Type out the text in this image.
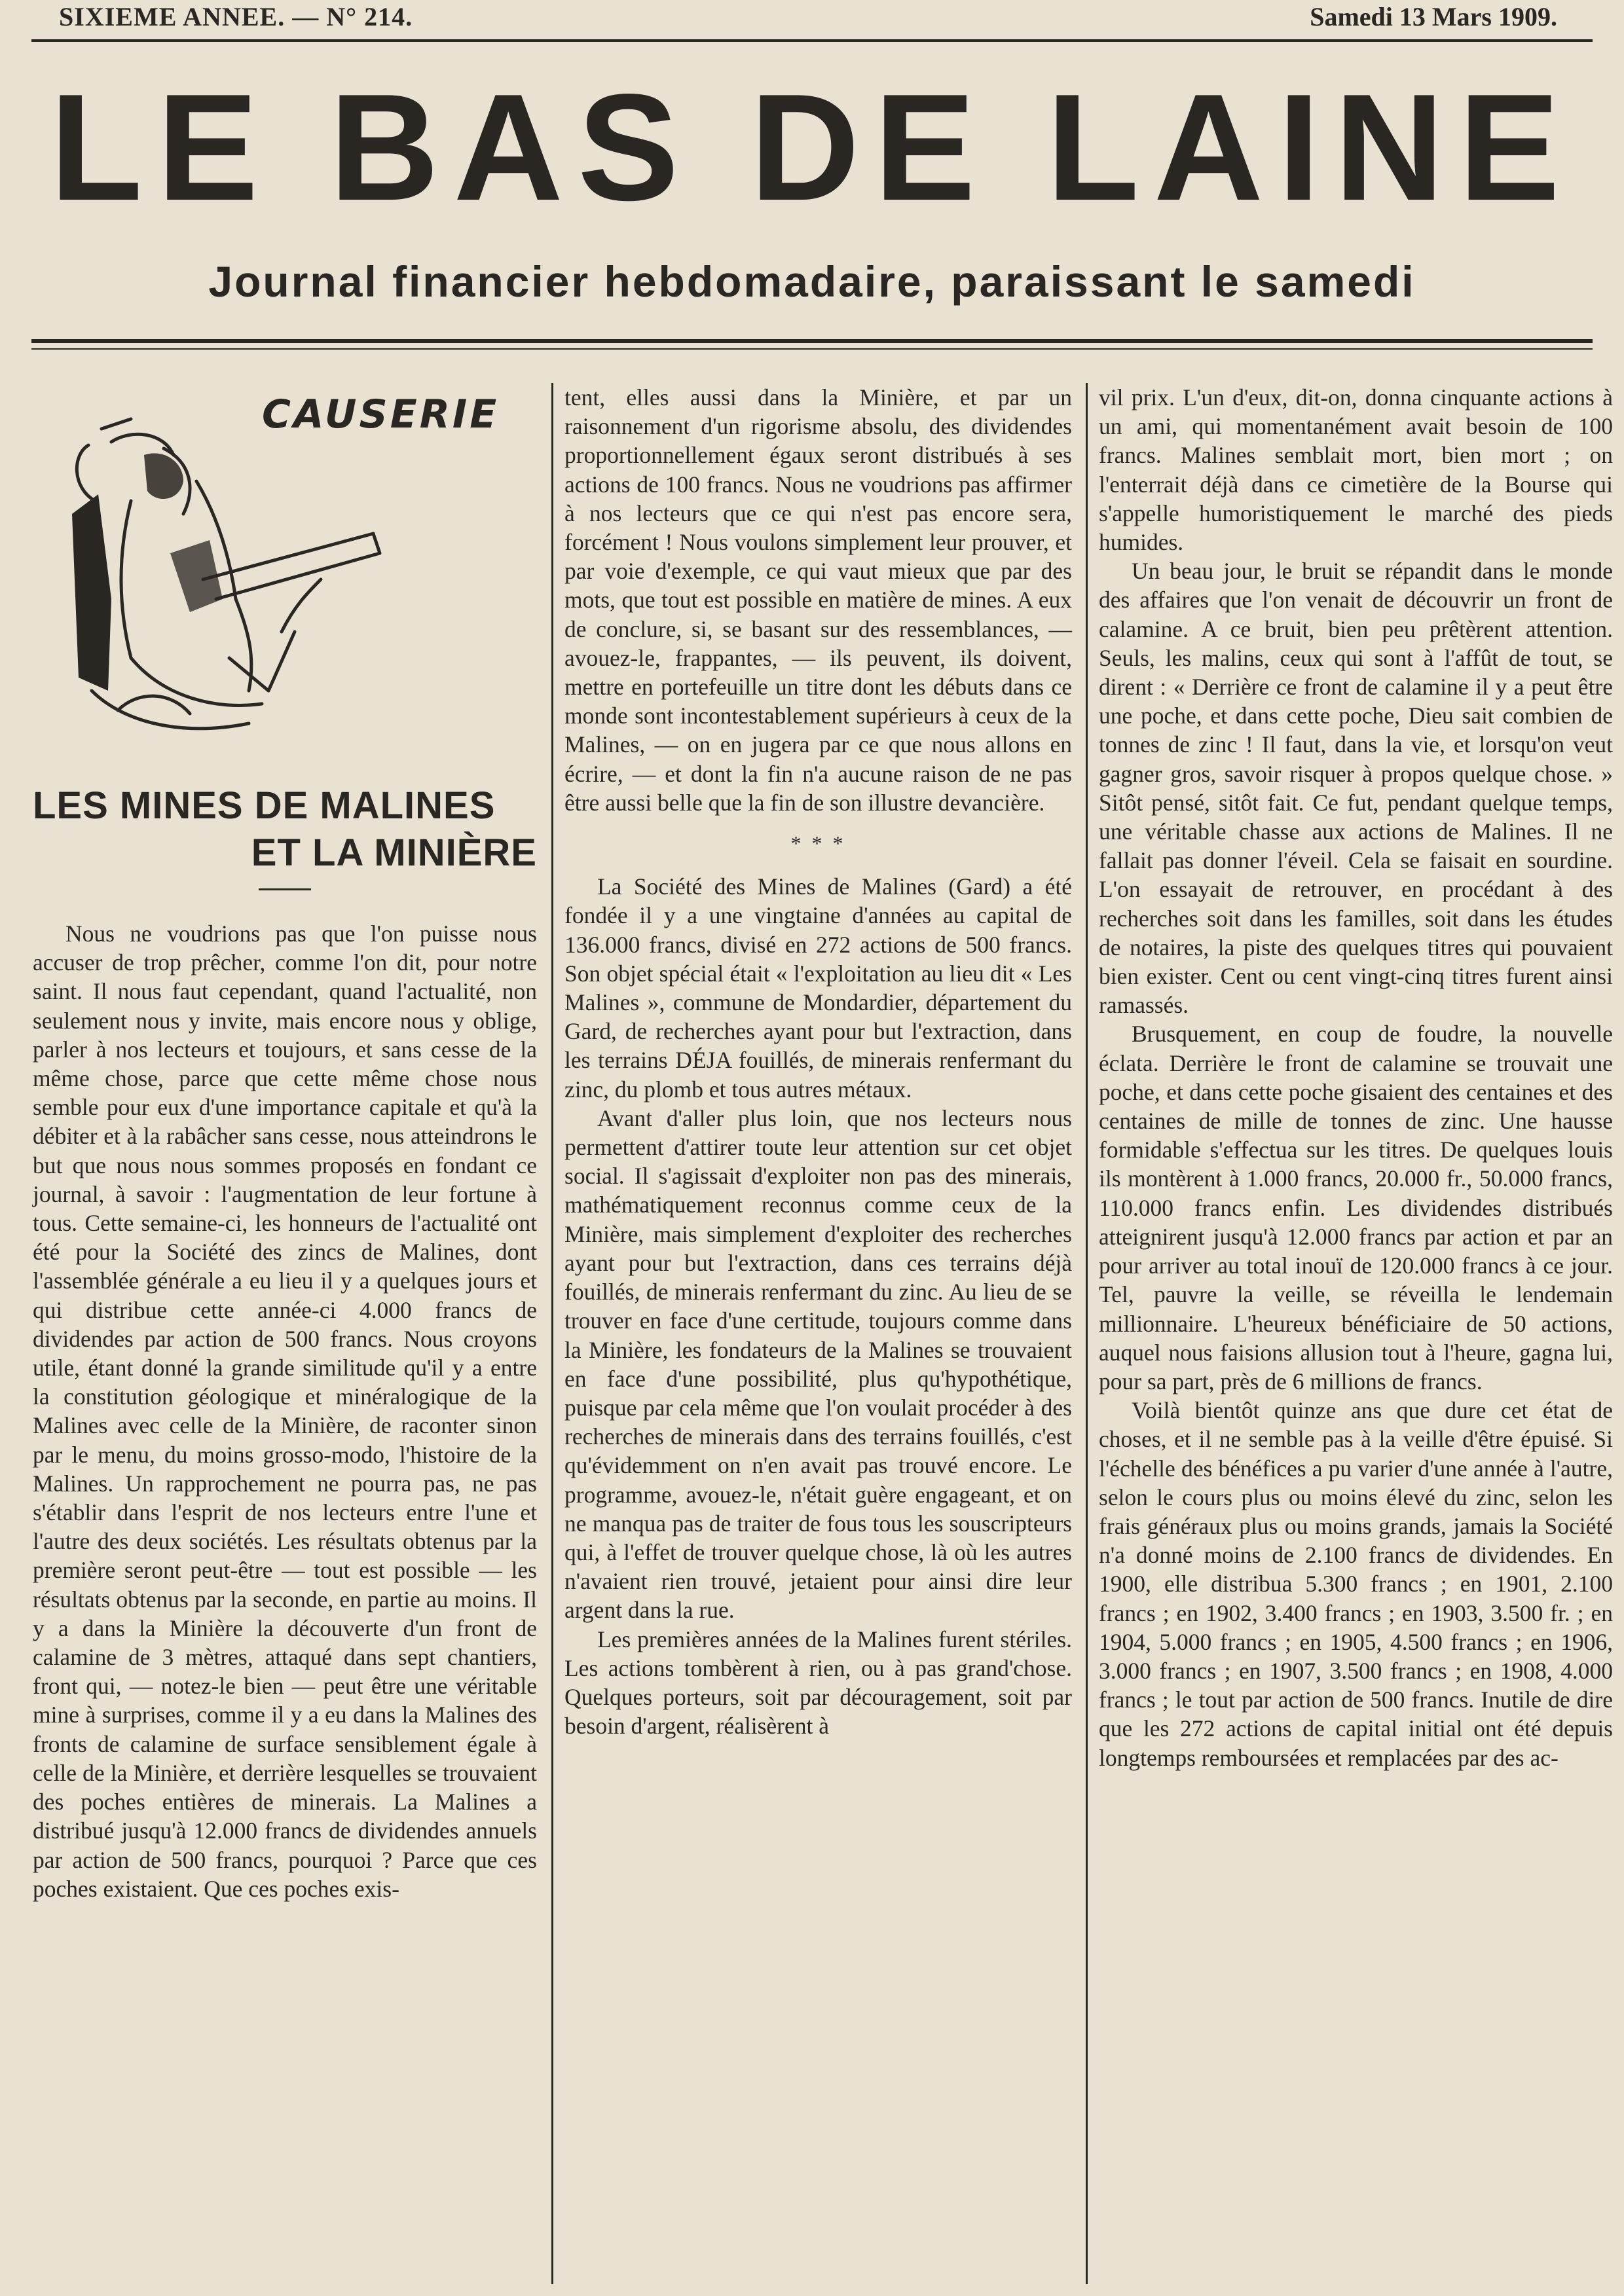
SIXIEME ANNEE. — N° 214.	Samedi 13 Mars 1909.
LE BAS DE LAINE
Journal financier hebdomadaire, paraissant le samedi
CAUSERIE
LES MINES DE MALINES
ET LA MINIÈRE

Nous ne voudrions pas que l'on puisse nous accuser de trop prêcher, comme l'on dit, pour notre saint. Il nous faut cependant, quand l'actualité, non seulement nous y invite, mais encore nous y oblige, parler à nos lecteurs et toujours, et sans cesse de la même chose, parce que cette même chose nous semble pour eux d'une importance capitale et qu'à la débiter et à la rabâcher sans cesse, nous atteindrons le but que nous nous sommes proposés en fondant ce journal, à savoir : l'augmentation de leur fortune à tous. Cette semaine-ci, les honneurs de l'actualité ont été pour la Société des zincs de Malines, dont l'assemblée générale a eu lieu il y a quelques jours et qui distribue cette année-ci 4.000 francs de dividendes par action de 500 francs. Nous croyons utile, étant donné la grande similitude qu'il y a entre la constitution géologique et minéralogique de la Malines avec celle de la Minière, de raconter sinon par le menu, du moins grosso-modo, l'histoire de la Malines. Un rapprochement ne pourra pas, ne pas s'établir dans l'esprit de nos lecteurs entre l'une et l'autre des deux sociétés. Les résultats obtenus par la première seront peut-être — tout est possible — les résultats obtenus par la seconde, en partie au moins. Il y a dans la Minière la découverte d'un front de calamine de 3 mètres, attaqué dans sept chantiers, front qui, — notez-le bien — peut être une véritable mine à surprises, comme il y a eu dans la Malines des fronts de calamine de surface sensiblement égale à celle de la Minière, et derrière lesquelles se trouvaient des poches entières de minerais. La Malines a distribué jusqu'à 12.000 francs de dividendes annuels par action de 500 francs, pourquoi ? Parce que ces poches existaient. Que ces poches exis-

tent, elles aussi dans la Minière, et par un raisonnement d'un rigorisme absolu, des dividendes proportionnellement égaux seront distribués à ses actions de 100 francs. Nous ne voudrions pas affirmer à nos lecteurs que ce qui n'est pas encore sera, forcément ! Nous voulons simplement leur prouver, et par voie d'exemple, ce qui vaut mieux que par des mots, que tout est possible en matière de mines. A eux de conclure, si, se basant sur des ressemblances, — avouez-le, frappantes, — ils peuvent, ils doivent, mettre en portefeuille un titre dont les débuts dans ce monde sont incontestablement supérieurs à ceux de la Malines, — on en jugera par ce que nous allons en écrire, — et dont la fin n'a aucune raison de ne pas être aussi belle que la fin de son illustre devancière.

* * *

La Société des Mines de Malines (Gard) a été fondée il y a une vingtaine d'années au capital de 136.000 francs, divisé en 272 actions de 500 francs. Son objet spécial était « l'exploitation au lieu dit « Les Malines », commune de Mondardier, département du Gard, de recherches ayant pour but l'extraction, dans les terrains DÉJA fouillés, de minerais renfermant du zinc, du plomb et tous autres métaux.

Avant d'aller plus loin, que nos lecteurs nous permettent d'attirer toute leur attention sur cet objet social. Il s'agissait d'exploiter non pas des minerais, mathématiquement reconnus comme ceux de la Minière, mais simplement d'exploiter des recherches ayant pour but l'extraction, dans ces terrains déjà fouillés, de minerais renfermant du zinc. Au lieu de se trouver en face d'une certitude, toujours comme dans la Minière, les fondateurs de la Malines se trouvaient en face d'une possibilité, plus qu'hypothétique, puisque par cela même que l'on voulait procéder à des recherches de minerais dans des terrains fouillés, c'est qu'évidemment on n'en avait pas trouvé encore. Le programme, avouez-le, n'était guère engageant, et on ne manqua pas de traiter de fous tous les souscripteurs qui, à l'effet de trouver quelque chose, là où les autres n'avaient rien trouvé, jetaient pour ainsi dire leur argent dans la rue.

Les premières années de la Malines furent stériles. Les actions tombèrent à rien, ou à pas grand'chose. Quelques porteurs, soit par découragement, soit par besoin d'argent, réalisèrent à

vil prix. L'un d'eux, dit-on, donna cinquante actions à un ami, qui momentanément avait besoin de 100 francs. Malines semblait mort, bien mort ; on l'enterrait déjà dans ce cimetière de la Bourse qui s'appelle humoristiquement le marché des pieds humides.

Un beau jour, le bruit se répandit dans le monde des affaires que l'on venait de découvrir un front de calamine. A ce bruit, bien peu prêtèrent attention. Seuls, les malins, ceux qui sont à l'affût de tout, se dirent : « Derrière ce front de calamine il y a peut être une poche, et dans cette poche, Dieu sait combien de tonnes de zinc ! Il faut, dans la vie, et lorsqu'on veut gagner gros, savoir risquer à propos quelque chose. » Sitôt pensé, sitôt fait. Ce fut, pendant quelque temps, une véritable chasse aux actions de Malines. Il ne fallait pas donner l'éveil. Cela se faisait en sourdine. L'on essayait de retrouver, en procédant à des recherches soit dans les familles, soit dans les études de notaires, la piste des quelques titres qui pouvaient bien exister. Cent ou cent vingt-cinq titres furent ainsi ramassés.

Brusquement, en coup de foudre, la nouvelle éclata. Derrière le front de calamine se trouvait une poche, et dans cette poche gisaient des centaines et des centaines de mille de tonnes de zinc. Une hausse formidable s'effectua sur les titres. De quelques louis ils montèrent à 1.000 francs, 20.000 fr., 50.000 francs, 110.000 francs enfin. Les dividendes distribués atteignirent jusqu'à 12.000 francs par action et par an pour arriver au total inouï de 120.000 francs à ce jour. Tel, pauvre la veille, se réveilla le lendemain millionnaire. L'heureux bénéficiaire de 50 actions, auquel nous faisions allusion tout à l'heure, gagna lui, pour sa part, près de 6 millions de francs.

Voilà bientôt quinze ans que dure cet état de choses, et il ne semble pas à la veille d'être épuisé. Si l'échelle des bénéfices a pu varier d'une année à l'autre, selon le cours plus ou moins élevé du zinc, selon les frais généraux plus ou moins grands, jamais la Société n'a donné moins de 2.100 francs de dividendes. En 1900, elle distribua 5.300 francs ; en 1901, 2.100 francs ; en 1902, 3.400 francs ; en 1903, 3.500 fr. ; en 1904, 5.000 francs ; en 1905, 4.500 francs ; en 1906, 3.000 francs ; en 1907, 3.500 francs ; en 1908, 4.000 francs ; le tout par action de 500 francs. Inutile de dire que les 272 actions de capital initial ont été depuis longtemps remboursées et remplacées par des ac-
